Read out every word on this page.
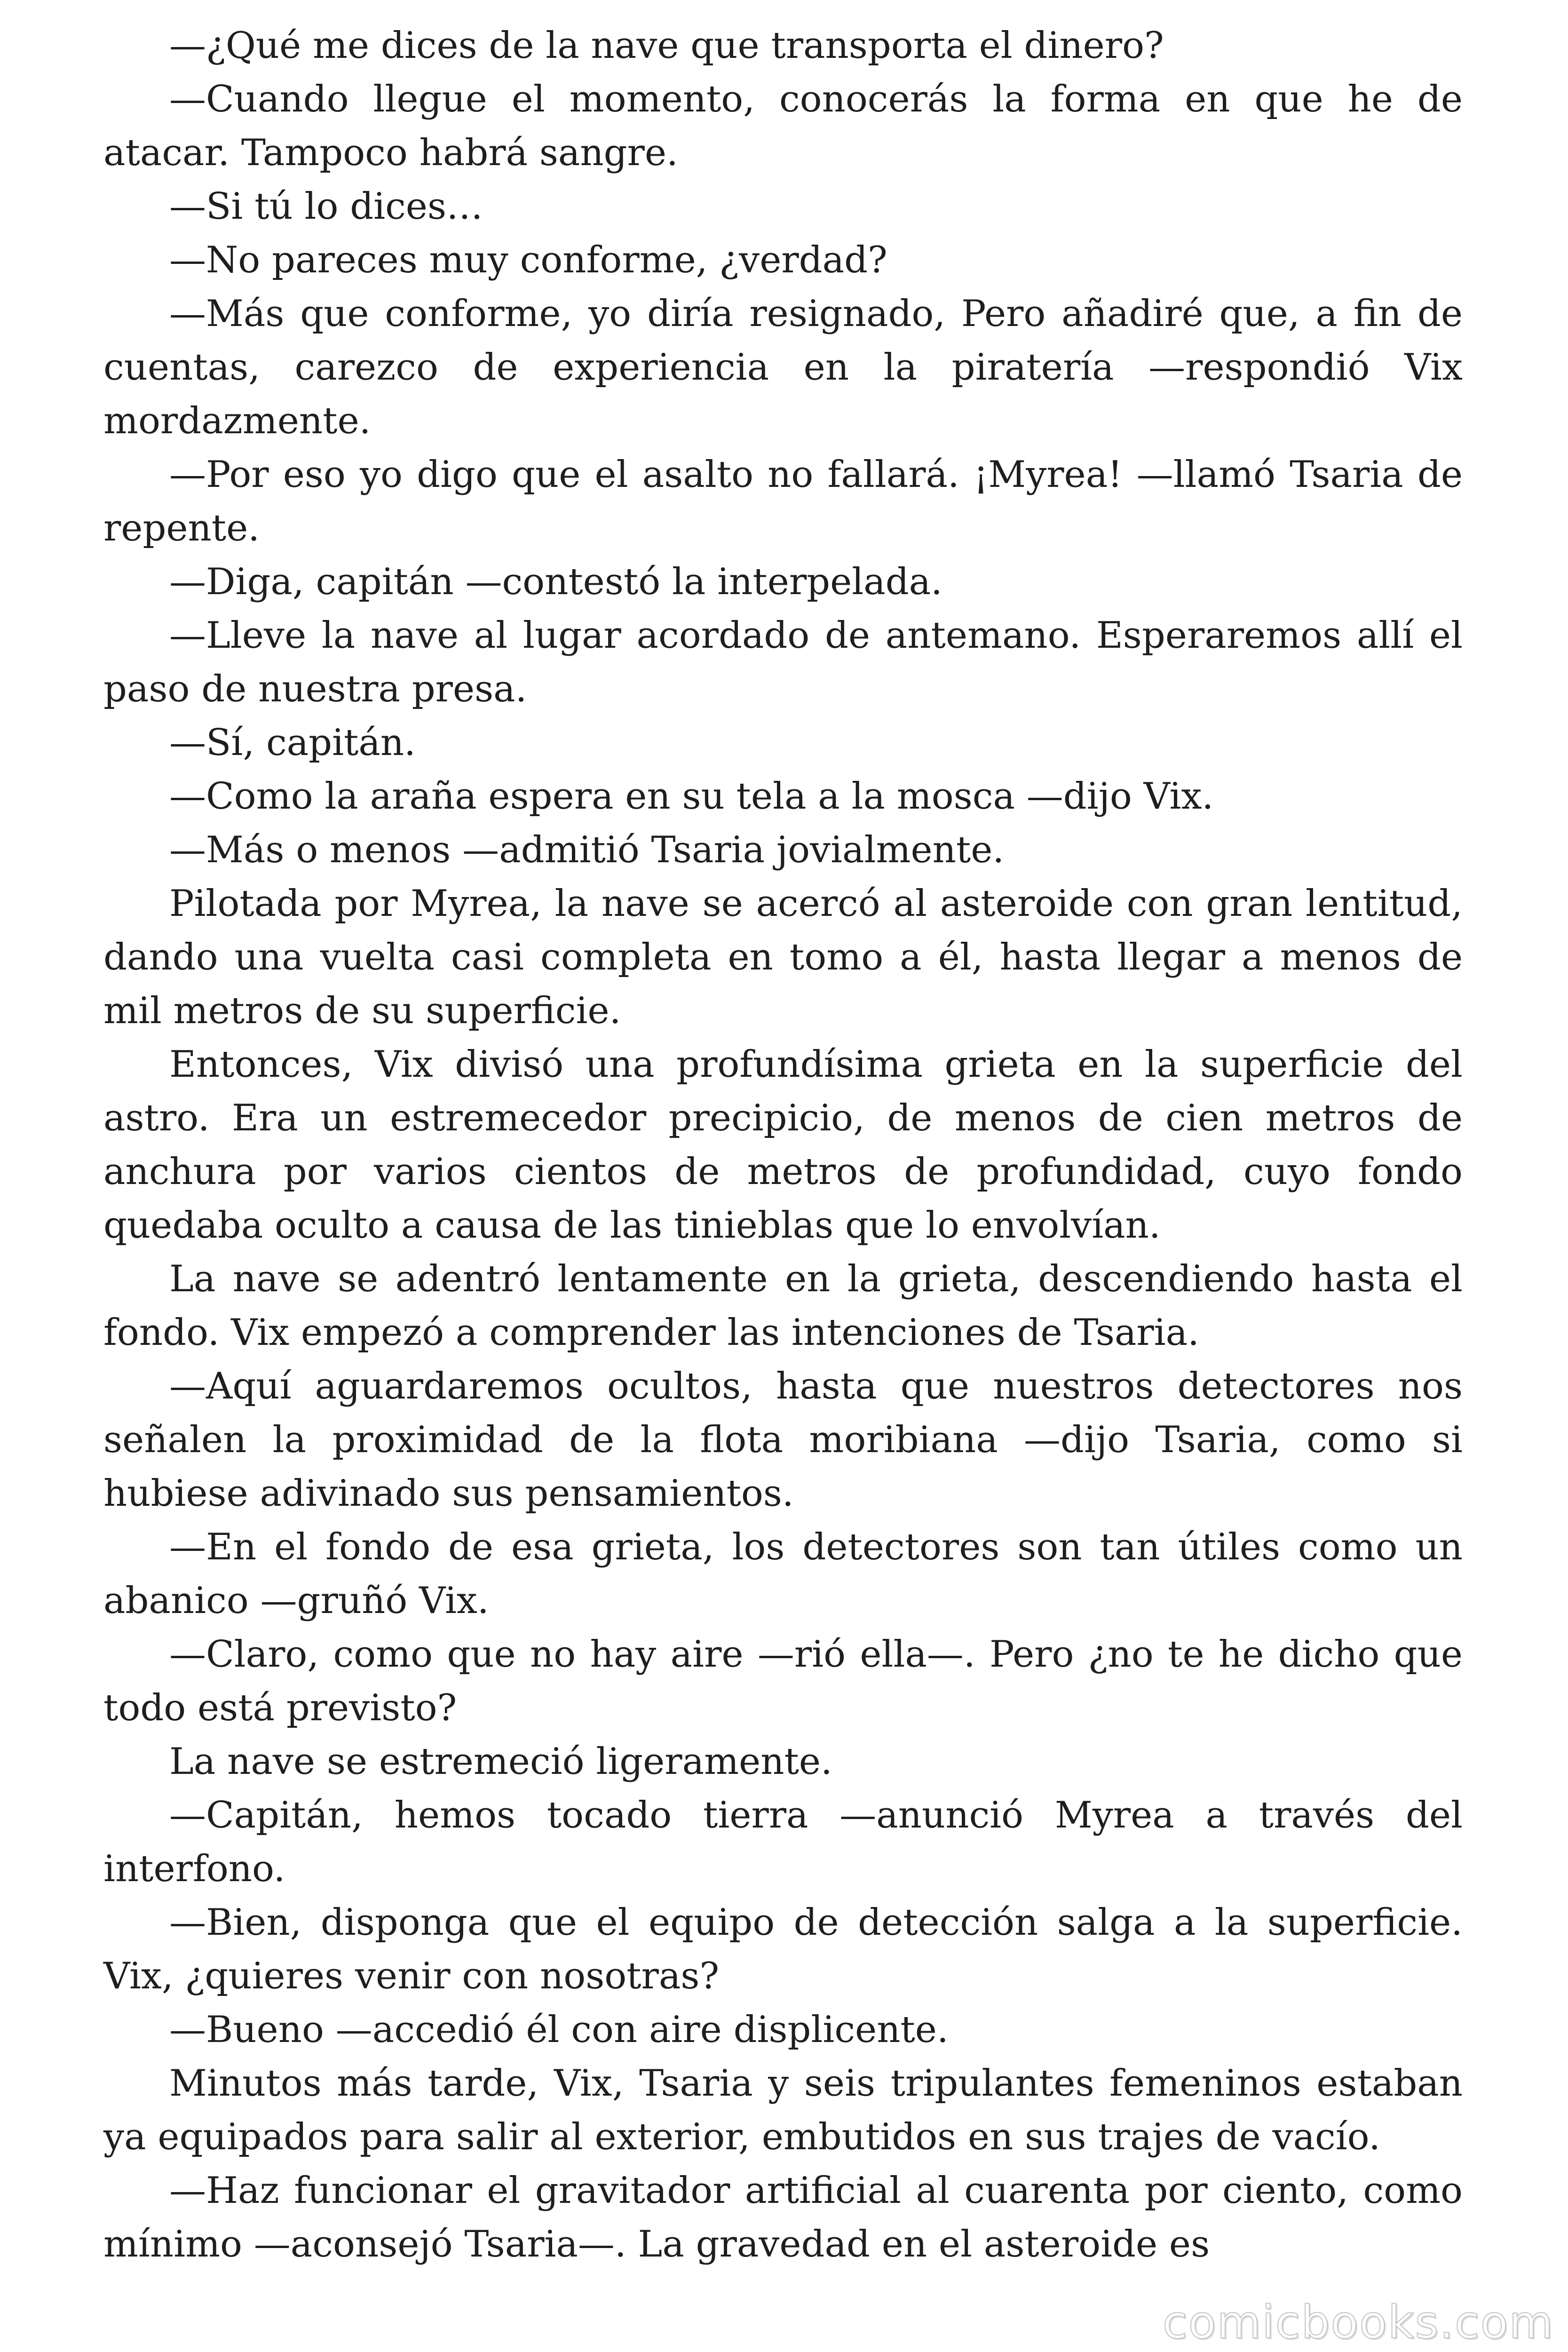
—¿Qué me dices de la nave que transporta el dinero?

—Cuando llegue el momento, conocerás la forma en que he de atacar. Tampoco habrá sangre.

—Si tú lo dices…

—No pareces muy conforme, ¿verdad?

—Más que conforme, yo diría resignado, Pero añadiré que, a fin de cuentas, carezco de experiencia en la piratería —respondió Vix mordazmente.

—Por eso yo digo que el asalto no fallará. ¡Myrea! —llamó Tsaria de repente.

—Diga, capitán —contestó la interpelada.

—Lleve la nave al lugar acordado de antemano. Esperaremos allí el paso de nuestra presa.

—Sí, capitán.

—Como la araña espera en su tela a la mosca —dijo Vix.

—Más o menos —admitió Tsaria jovialmente.

Pilotada por Myrea, la nave se acercó al asteroide con gran lentitud, dando una vuelta casi completa en tomo a él, hasta llegar a menos de mil metros de su superficie.

Entonces, Vix divisó una profundísima grieta en la superficie del astro. Era un estremecedor precipicio, de menos de cien metros de anchura por varios cientos de metros de profundidad, cuyo fondo quedaba oculto a causa de las tinieblas que lo envolvían.

La nave se adentró lentamente en la grieta, descendiendo hasta el fondo. Vix empezó a comprender las intenciones de Tsaria.

—Aquí aguardaremos ocultos, hasta que nuestros detectores nos señalen la proximidad de la flota moribiana —dijo Tsaria, como si hubiese adivinado sus pensamientos.

—En el fondo de esa grieta, los detectores son tan útiles como un abanico —gruñó Vix.

—Claro, como que no hay aire —rió ella—. Pero ¿no te he dicho que todo está previsto?

La nave se estremeció ligeramente.

—Capitán, hemos tocado tierra —anunció Myrea a través del interfono.

—Bien, disponga que el equipo de detección salga a la superficie. Vix, ¿quieres venir con nosotras?

—Bueno —accedió él con aire displicente.

Minutos más tarde, Vix, Tsaria y seis tripulantes femeninos estaban ya equipados para salir al exterior, embutidos en sus trajes de vacío.

—Haz funcionar el gravitador artificial al cuarenta por ciento, como mínimo —aconsejó Tsaria—. La gravedad en el asteroide es

comicbooks.com
